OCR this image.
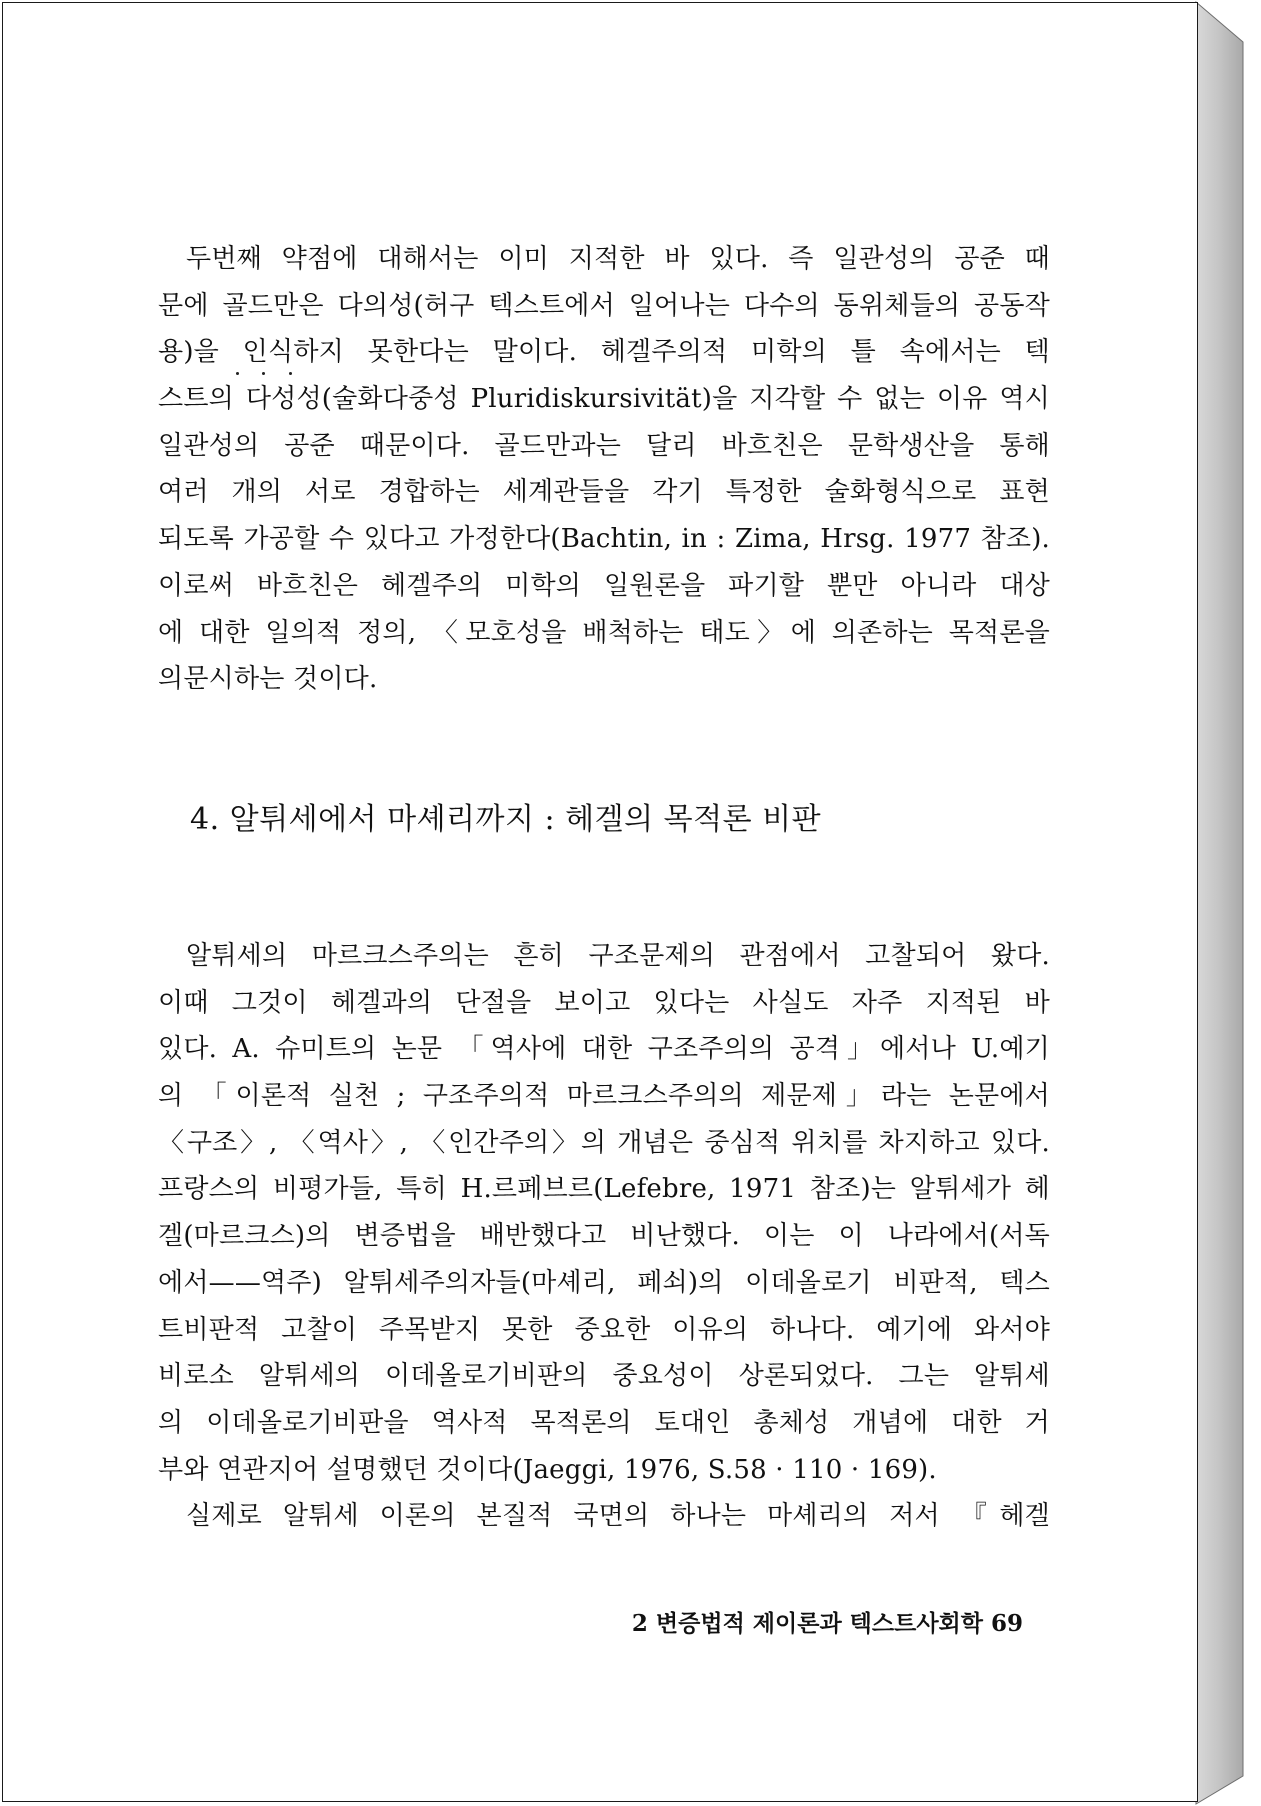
두번째 약점에 대해서는 이미 지적한 바 있다. 즉 일관성의 공준 때
문에 골드만은 다의성(허구 텍스트에서 일어나는 다수의 동위체들의 공동작
용)을 인식하지 못한다는 말이다. 헤겔주의적 미학의 틀 속에서는 텍
스트의 다성성(술화다중성 Pluridiskursivität)을 지각할 수 없는 이유 역시
일관성의 공준 때문이다. 골드만과는 달리 바흐친은 문학생산을 통해
여러 개의 서로 경합하는 세계관들을 각기 특정한 술화형식으로 표현
되도록 가공할 수 있다고 가정한다(Bachtin, in : Zima, Hrsg. 1977 참조).
이로써 바흐친은 헤겔주의 미학의 일원론을 파기할 뿐만 아니라 대상
에 대한 일의적 정의, 〈모호성을 배척하는 태도〉에 의존하는 목적론을
의문시하는 것이다.
4. 알튀세에서 마셰리까지 : 헤겔의 목적론 비판
알튀세의 마르크스주의는 흔히 구조문제의 관점에서 고찰되어 왔다.
이때 그것이 헤겔과의 단절을 보이고 있다는 사실도 자주 지적된 바
있다. A. 슈미트의 논문 「역사에 대한 구조주의의 공격」에서나 U.예기
의 「이론적 실천 ; 구조주의적 마르크스주의의 제문제」라는 논문에서
〈구조〉, 〈역사〉, 〈인간주의〉의 개념은 중심적 위치를 차지하고 있다.
프랑스의 비평가들, 특히 H.르페브르(Lefebre, 1971 참조)는 알튀세가 헤
겔(마르크스)의 변증법을 배반했다고 비난했다. 이는 이 나라에서(서독
에서——역주) 알튀세주의자들(마셰리, 페쇠)의 이데올로기 비판적, 텍스
트비판적 고찰이 주목받지 못한 중요한 이유의 하나다. 예기에 와서야
비로소 알튀세의 이데올로기비판의 중요성이 상론되었다. 그는 알튀세
의 이데올로기비판을 역사적 목적론의 토대인 총체성 개념에 대한 거
부와 연관지어 설명했던 것이다(Jaeggi, 1976, S.58 · 110 · 169).
실제로 알튀세 이론의 본질적 국면의 하나는 마셰리의 저서 『헤겔
2 변증법적 제이론과 텍스트사회학 69
